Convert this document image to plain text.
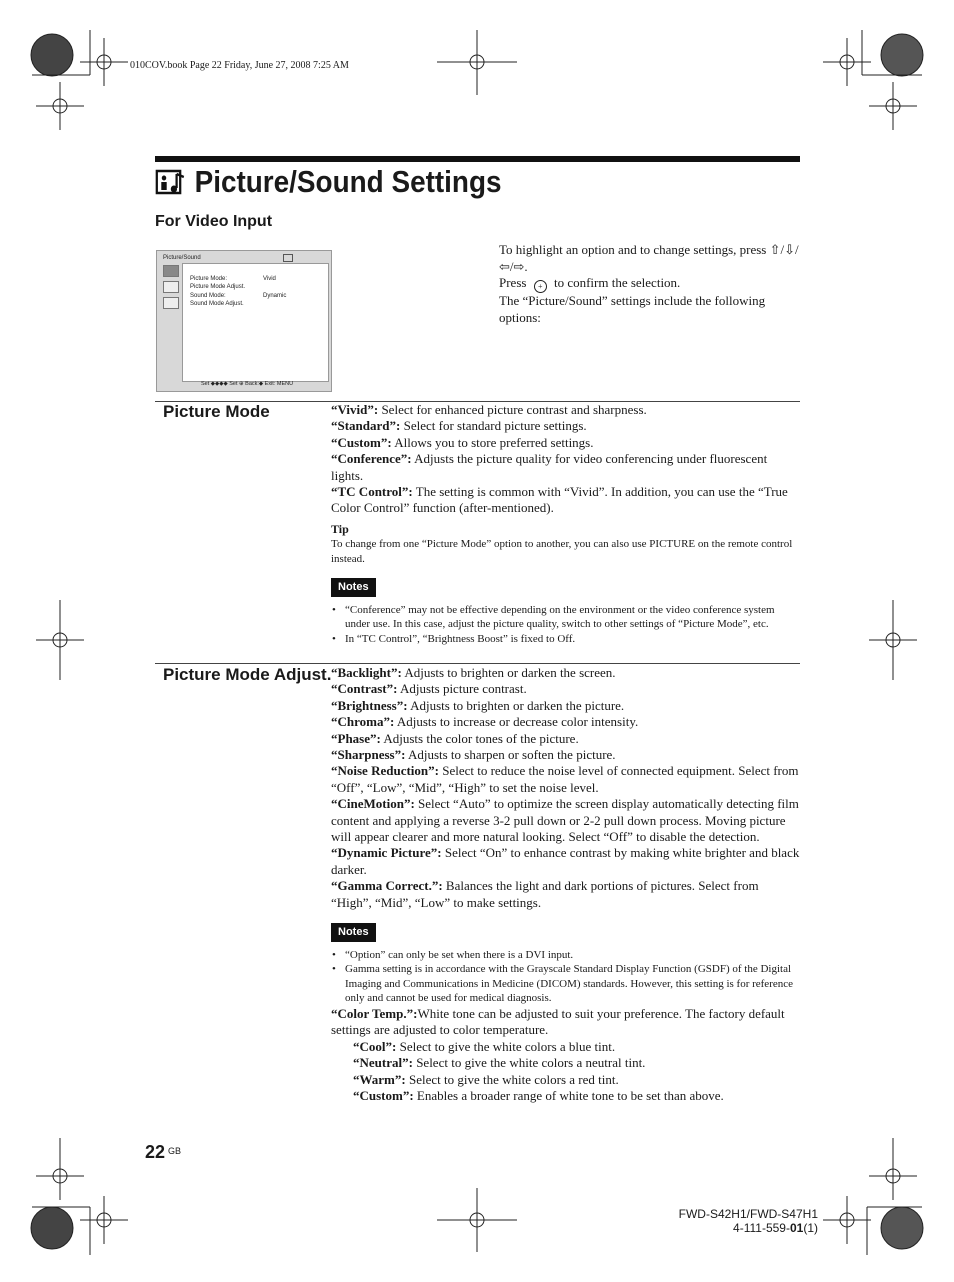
010COV.book Page 22 Friday, June 27, 2008 7:25 AM
Picture/Sound Settings
For Video Input
Picture/Sound
Picture Mode:	Vivid
Picture Mode Adjust.
Sound Mode:	Dynamic
Sound Mode Adjust.
Set ◆◆◆◆ Set ⊕ Back:◆ Exit: MENU

To highlight an option and to change settings, press ⇧/⇩/⇦/⇨.

Press + to confirm the selection.

The “Picture/Sound” settings include the following options:

Picture Mode	“Vivid”: Select for enhanced picture contrast and sharpness.

“Standard”: Select for standard picture settings.

“Custom”: Allows you to store preferred settings.

“Conference”: Adjusts the picture quality for video conferencing under fluorescent lights.

“TC Control”: The setting is common with “Vivid”. In addition, you can use the “True Color Control” function (after-mentioned).

Tip

To change from one “Picture Mode” option to another, you can also use PICTURE on the remote control instead.

Notes
• “Conference” may not be effective depending on the environment or the video conference system under use. In this case, adjust the picture quality, switch to other settings of “Picture Mode”, etc.
• In “TC Control”, “Brightness Boost” is fixed to Off.
Picture Mode Adjust. “Backlight”: Adjusts to brighten or darken the screen.

“Contrast”: Adjusts picture contrast.

“Brightness”: Adjusts to brighten or darken the picture.

“Chroma”: Adjusts to increase or decrease color intensity.

“Phase”: Adjusts the color tones of the picture.

“Sharpness”: Adjusts to sharpen or soften the picture.

“Noise Reduction”: Select to reduce the noise level of connected equipment. Select from “Off”, “Low”, “Mid”, “High” to set the noise level.

“CineMotion”: Select “Auto” to optimize the screen display automatically detecting film content and applying a reverse 3-2 pull down or 2-2 pull down process. Moving picture will appear clearer and more natural looking. Select “Off” to disable the detection.

“Dynamic Picture”: Select “On” to enhance contrast by making white brighter and black darker.

“Gamma Correct.”: Balances the light and dark portions of pictures. Select from “High”, “Mid”, “Low” to make settings.

Notes
• “Option” can only be set when there is a DVI input.
• Gamma setting is in accordance with the Grayscale Standard Display Function (GSDF) of the Digital Imaging and Communications in Medicine (DICOM) standards. However, this setting is for reference only and cannot be used for medical diagnosis.

“Color Temp.”:White tone can be adjusted to suit your preference. The factory default settings are adjusted to color temperature.

“Cool”: Select to give the white colors a blue tint.

“Neutral”: Select to give the white colors a neutral tint.

“Warm”: Select to give the white colors a red tint.

“Custom”: Enables a broader range of white tone to be set than above.

22 $^{GB}$
FWD-S42H1/FWD-S47H1
4-111-559-01(1)
